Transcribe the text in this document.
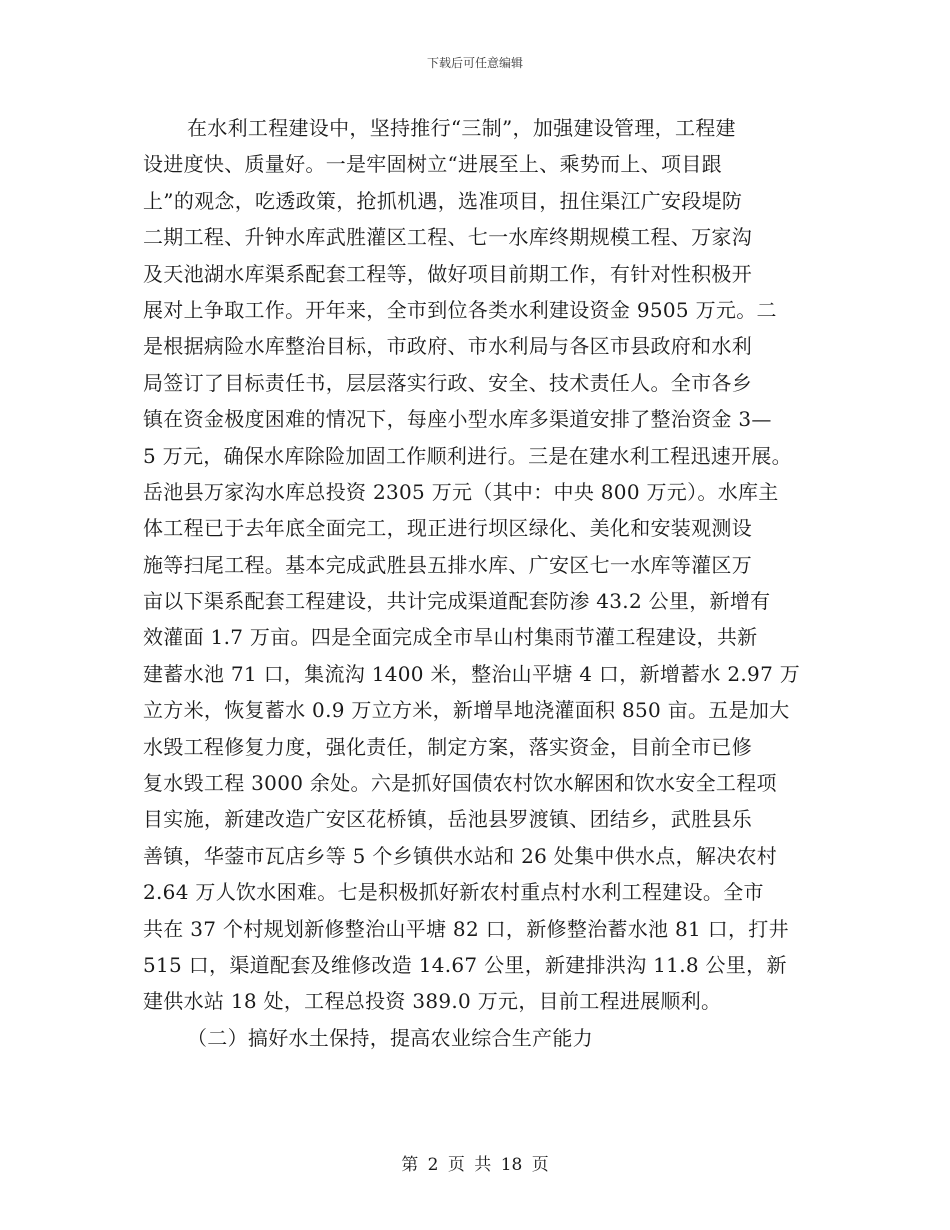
下载后可任意编辑
在水利工程建设中，坚持推行“三制”，加强建设管理，工程建
设进度快、质量好。一是牢固树立“进展至上、乘势而上、项目跟
上”的观念，吃透政策，抢抓机遇，选准项目，扭住渠江广安段堤防
二期工程、升钟水库武胜灌区工程、七一水库终期规模工程、万家沟
及天池湖水库渠系配套工程等，做好项目前期工作，有针对性积极开
展对上争取工作。开年来，全市到位各类水利建设资金 9505 万元。二
是根据病险水库整治目标，市政府、市水利局与各区市县政府和水利
局签订了目标责任书，层层落实行政、安全、技术责任人。全市各乡
镇在资金极度困难的情况下，每座小型水库多渠道安排了整治资金 3—
5 万元，确保水库除险加固工作顺利进行。三是在建水利工程迅速开展。
岳池县万家沟水库总投资 2305 万元（其中：中央 800 万元）。水库主
体工程已于去年底全面完工，现正进行坝区绿化、美化和安装观测设
施等扫尾工程。基本完成武胜县五排水库、广安区七一水库等灌区万
亩以下渠系配套工程建设，共计完成渠道配套防渗 43.2 公里，新增有
效灌面 1.7 万亩。四是全面完成全市旱山村集雨节灌工程建设，共新
建蓄水池 71 口，集流沟 1400 米，整治山平塘 4 口，新增蓄水 2.97 万
立方米，恢复蓄水 0.9 万立方米，新增旱地浇灌面积 850 亩。五是加大
水毁工程修复力度，强化责任，制定方案，落实资金，目前全市已修
复水毁工程 3000 余处。六是抓好国债农村饮水解困和饮水安全工程项
目实施，新建改造广安区花桥镇，岳池县罗渡镇、团结乡，武胜县乐
善镇，华蓥市瓦店乡等 5 个乡镇供水站和 26 处集中供水点，解决农村
2.64 万人饮水困难。七是积极抓好新农村重点村水利工程建设。全市
共在 37 个村规划新修整治山平塘 82 口，新修整治蓄水池 81 口，打井
515 口，渠道配套及维修改造 14.67 公里，新建排洪沟 11.8 公里，新
建供水站 18 处，工程总投资 389.0 万元，目前工程进展顺利。
（二）搞好水土保持，提高农业综合生产能力
第 2 页 共 18 页
